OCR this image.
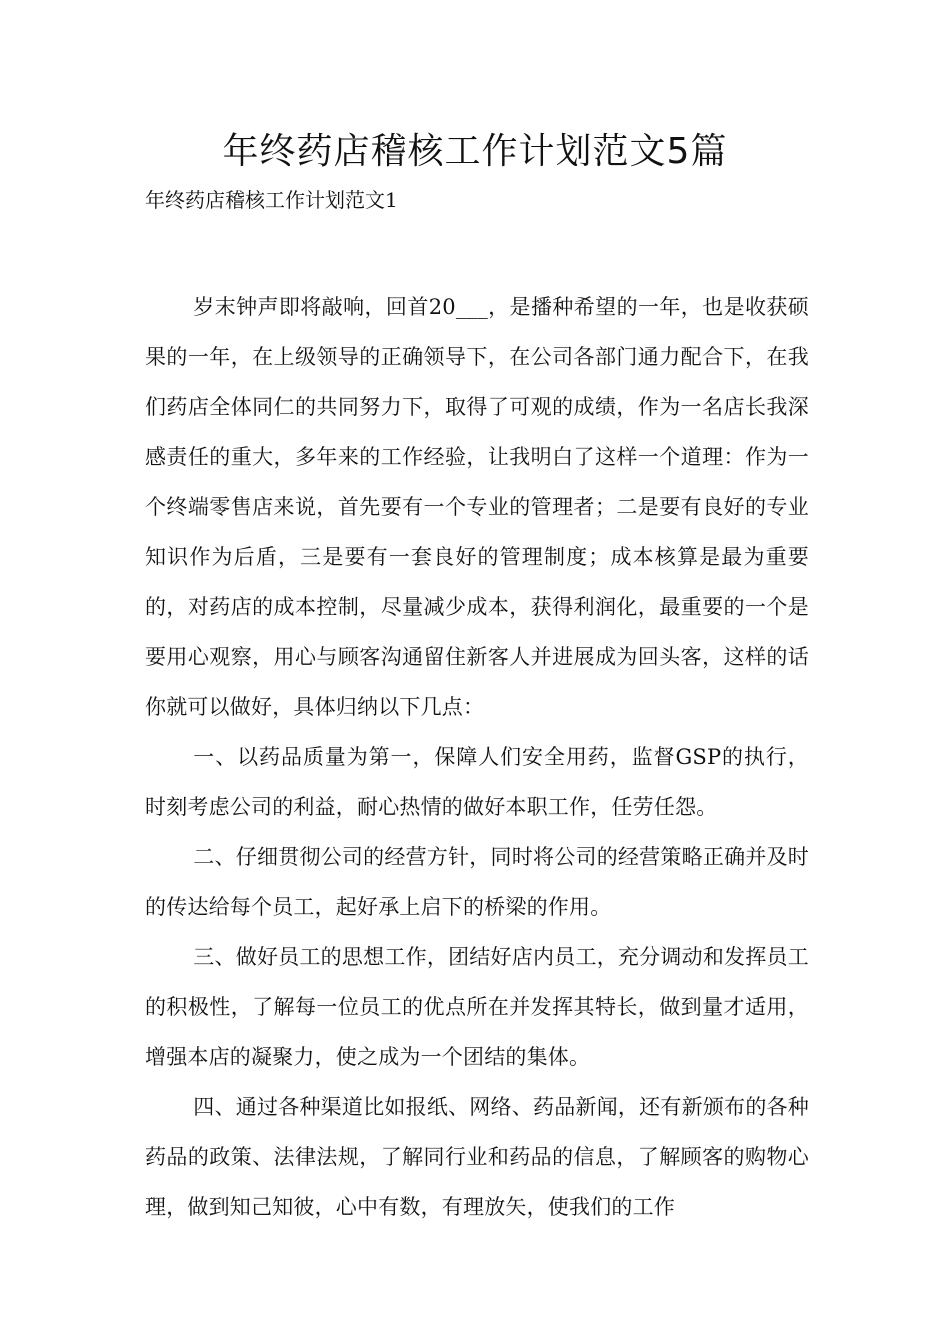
年终药店稽核工作计划范文5篇

年终药店稽核工作计划范文1

岁末钟声即将敲响，回首20___，是播种希望的一年，也是收获硕果的一年，在上级领导的正确领导下，在公司各部门通力配合下，在我们药店全体同仁的共同努力下，取得了可观的成绩，作为一名店长我深感责任的重大，多年来的工作经验，让我明白了这样一个道理：作为一个终端零售店来说，首先要有一个专业的管理者；二是要有良好的专业知识作为后盾，三是要有一套良好的管理制度；成本核算是最为重要的，对药店的成本控制，尽量减少成本，获得利润化，最重要的一个是要用心观察，用心与顾客沟通留住新客人并进展成为回头客，这样的话你就可以做好，具体归纳以下几点：

一、以药品质量为第一，保障人们安全用药，监督GSP的执行，时刻考虑公司的利益，耐心热情的做好本职工作，任劳任怨。

二、仔细贯彻公司的经营方针，同时将公司的经营策略正确并及时的传达给每个员工，起好承上启下的桥梁的作用。

三、做好员工的思想工作，团结好店内员工，充分调动和发挥员工的积极性，了解每一位员工的优点所在并发挥其特长，做到量才适用，增强本店的凝聚力，使之成为一个团结的集体。

四、通过各种渠道比如报纸、网络、药品新闻，还有新颁布的各种药品的政策、法律法规，了解同行业和药品的信息，了解顾客的购物心理，做到知己知彼，心中有数，有理放矢，使我们的工作
